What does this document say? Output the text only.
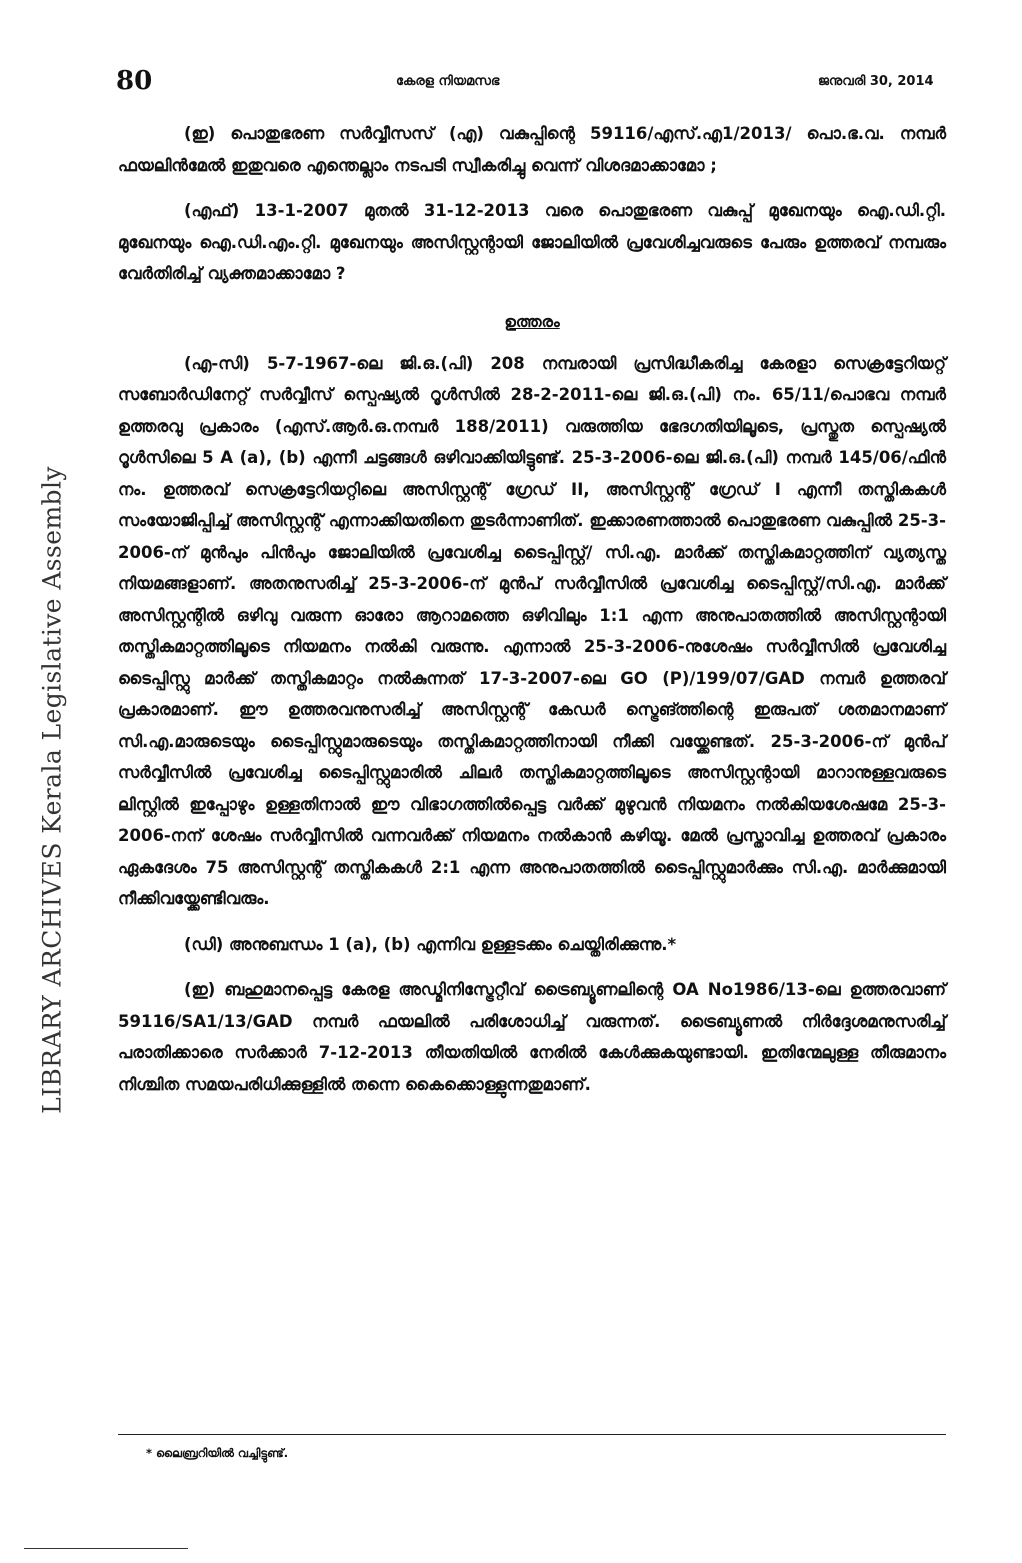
80	കേരള നിയമസഭ	ജനുവരി 30, 2014
LIBRARY ARCHIVES Kerala Legislative Assembly

(ഇ) പൊതുഭരണ സർവ്വീസസ് (എ) വകുപ്പിന്റെ 59116/എസ്.എ1/2013/ പൊ.ഭ.വ. നമ്പർ ഫയലിൻമേൽ ഇതുവരെ എന്തെല്ലാം നടപടി സ്വീകരിച്ചു വെന്ന് വിശദമാക്കാമോ ;

(എഫ്) 13-1-2007 മുതൽ 31-12-2013 വരെ പൊതുഭരണ വകുപ്പ് മുഖേനയും ഐ.ഡി.റ്റി. മുഖേനയും ഐ.ഡി.എം.റ്റി. മുഖേനയും അസിസ്റ്റന്റായി ജോലിയിൽ പ്രവേശിച്ചവരുടെ പേരും ഉത്തരവ് നമ്പരും വേർതിരിച്ച് വ്യക്തമാക്കാമോ ?

ഉത്തരം

(എ-സി) 5-7-1967-ലെ ജി.ഒ.(പി) 208 നമ്പരായി പ്രസിദ്ധീകരിച്ച കേരളാ സെക്രട്ടേറിയറ്റ് സബോർഡിനേറ്റ് സർവ്വീസ് സ്പെഷ്യൽ റൂൾസിൽ 28-2-2011-ലെ ജി.ഒ.(പി) നം. 65/11/പൊഭവ നമ്പർ ഉത്തരവു പ്രകാരം (എസ്.ആർ.ഒ.നമ്പർ 188/2011) വരുത്തിയ ഭേദഗതിയിലൂടെ, പ്രസ്തുത സ്പെഷ്യൽ റൂൾസിലെ 5 A (a), (b) എന്നീ ചട്ടങ്ങൾ ഒഴിവാക്കിയിട്ടുണ്ട്. 25-3-2006-ലെ ജി.ഒ.(പി) നമ്പർ 145/06/ഫിൻ നം. ഉത്തരവ് സെക്രട്ടേറിയറ്റിലെ അസിസ്റ്റന്റ് ഗ്രേഡ് II, അസിസ്റ്റന്റ് ഗ്രേഡ് I എന്നീ തസ്തികകൾ സംയോജിപ്പിച്ച് അസിസ്റ്റന്റ് എന്നാക്കിയതിനെ തുടർന്നാണിത്. ഇക്കാരണത്താൽ പൊതുഭരണ വകുപ്പിൽ 25-3-2006-ന് മുൻപും പിൻപും ജോലിയിൽ പ്രവേശിച്ച ടൈപ്പിസ്റ്റ്/ സി.എ. മാർക്ക് തസ്തികമാറ്റത്തിന് വ്യത്യസ്ത നിയമങ്ങളാണ്. അതനുസരിച്ച് 25-3-2006-ന് മുൻപ് സർവ്വീസിൽ പ്രവേശിച്ച ടൈപ്പിസ്റ്റ്/സി.എ. മാർക്ക് അസിസ്റ്റന്റിൽ ഒഴിവു വരുന്ന ഓരോ ആറാമത്തെ ഒഴിവിലും 1:1 എന്ന അനുപാതത്തിൽ അസിസ്റ്റന്റായി തസ്തികമാറ്റത്തിലൂടെ നിയമനം നൽകി വരുന്നു. എന്നാൽ 25-3-2006-നുശേഷം സർവ്വീസിൽ പ്രവേശിച്ച ടൈപ്പിസ്റ്റു മാർക്ക് തസ്തികമാറ്റം നൽകുന്നത് 17-3-2007-ലെ GO (P)/199/07/GAD നമ്പർ ഉത്തരവ് പ്രകാരമാണ്. ഈ ഉത്തരവനുസരിച്ച് അസിസ്റ്റന്റ് കേഡർ സ്ട്രെങ്ത്തിന്റെ ഇരുപത് ശതമാനമാണ് സി.എ.മാരുടെയും ടൈപ്പിസ്റ്റുമാരുടെയും തസ്തികമാറ്റത്തിനായി നീക്കി വയ്ക്കേണ്ടത്. 25-3-2006-ന് മുൻപ് സർവ്വീസിൽ പ്രവേശിച്ച ടൈപ്പിസ്റ്റുമാരിൽ ചിലർ തസ്തികമാറ്റത്തിലൂടെ അസിസ്റ്റന്റായി മാറാനുള്ളവരുടെ ലിസ്റ്റിൽ ഇപ്പോഴും ഉള്ളതിനാൽ ഈ വിഭാഗത്തിൽപ്പെട്ട വർക്ക് മുഴുവൻ നിയമനം നൽകിയശേഷമേ 25-3-2006-നന് ശേഷം സർവ്വീസിൽ വന്നവർക്ക് നിയമനം നൽകാൻ കഴിയൂ. മേൽ പ്രസ്താവിച്ച ഉത്തരവ് പ്രകാരം ഏകദേശം 75 അസിസ്റ്റന്റ് തസ്തികകൾ 2:1 എന്ന അനുപാതത്തിൽ ടൈപ്പിസ്റ്റുമാർക്കും സി.എ. മാർക്കുമായി നീക്കിവയ്ക്കേണ്ടിവരും.

(ഡി) അനുബന്ധം 1 (a), (b) എന്നിവ ഉള്ളടക്കം ചെയ്തിരിക്കുന്നു.*

(ഇ) ബഹുമാനപ്പെട്ട കേരള അഡ്മിനിസ്ട്രേറ്റീവ് ട്രൈബ്യൂണലിന്റെ OA No1986/13-ലെ ഉത്തരവാണ് 59116/SA1/13/GAD നമ്പർ ഫയലിൽ പരിശോധിച്ച് വരുന്നത്. ട്രൈബ്യൂണൽ നിർദ്ദേശമനുസരിച്ച് പരാതിക്കാരെ സർക്കാർ 7-12-2013 തീയതിയിൽ നേരിൽ കേൾക്കുകയുണ്ടായി. ഇതിന്മേലുള്ള തീരുമാനം നിശ്ചിത സമയപരിധിക്കുള്ളിൽ തന്നെ കൈക്കൊള്ളുന്നതുമാണ്.

* ലൈബ്രറിയിൽ വച്ചിട്ടുണ്ട്.
